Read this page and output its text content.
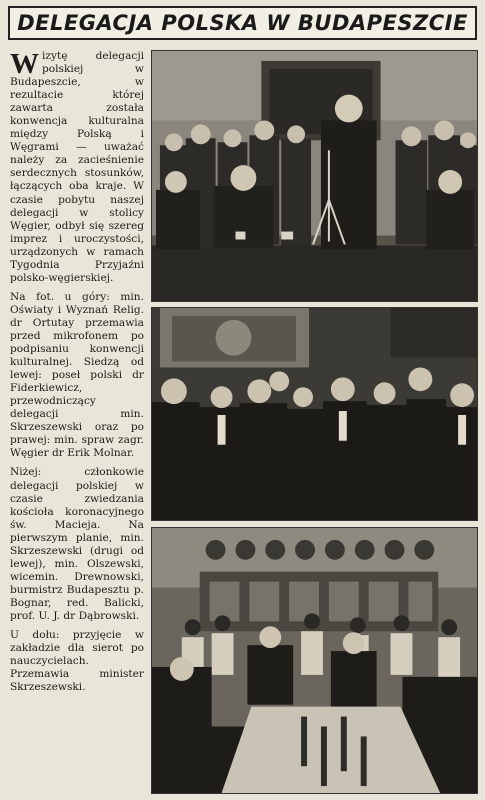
DELEGACJA POLSKA W BUDAPESZCIE

Wizytę delegacji polskiej w Budapeszcie, w rezultacie której zawarta została konwencja kulturalna między Polską i Węgrami — uważać należy za zacieśnienie serdecznych stosunków, łączących oba kraje. W czasie pobytu naszej delegacji w stolicy Węgier, odbył się szereg imprez i uroczystości, urządzonych w ramach Tygodnia Przyjaźni polsko-węgierskiej.

Na fot. u góry: min. Oświaty i Wyznań Relig. dr Ortutay przemawia przed mikrofonem po podpisaniu konwencji kulturalnej. Siedzą od lewej: poseł polski dr Fiderkiewicz, przewodniczący delegacji min. Skrzeszewski oraz po prawej: min. spraw zagr. Węgier dr Erik Molnar.

Niżej: członkowie delegacji polskiej w czasie zwiedzania kościoła koronacyjnego św. Macieja. Na pierwszym planie, min. Skrzeszewski (drugi od lewej), min. Olszewski, wicemin. Drewnowski, burmistrz Budapesztu p. Bognar, red. Balicki, prof. U. J. dr Dąbrowski.

U dołu: przyjęcie w zakładzie dla sierot po nauczycielach. Przemawia minister Skrzeszewski.
